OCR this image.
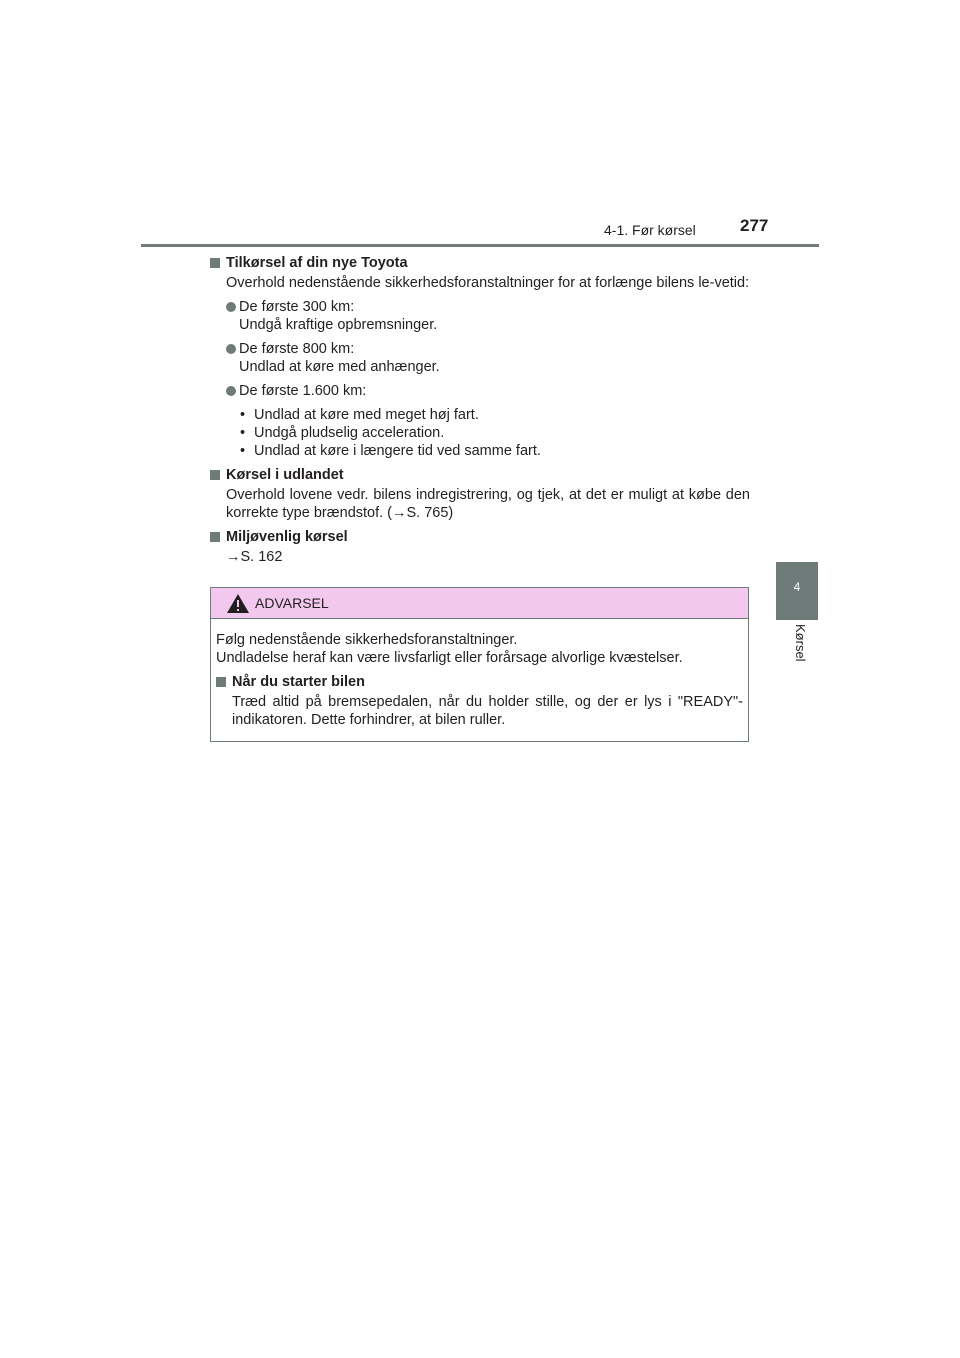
4-1. Før kørsel	277
4
Kørsel
Tilkørsel af din nye Toyota
Overhold nedenstående sikkerhedsforanstaltninger for at forlænge bilens le-vetid:
De første 300 km:
Undgå kraftige opbremsninger.
De første 800 km:
Undlad at køre med anhænger.
De første 1.600 km:
• Undlad at køre med meget høj fart.
• Undgå pludselig acceleration.
• Undlad at køre i længere tid ved samme fart.
Kørsel i udlandet
Overhold lovene vedr. bilens indregistrering, og tjek, at det er muligt at købe den korrekte type brændstof. (→S. 765)
Miljøvenlig kørsel
→S. 162
ADVARSEL
Følg nedenstående sikkerhedsforanstaltninger.
Undladelse heraf kan være livsfarligt eller forårsage alvorlige kvæstelser.
Når du starter bilen
Træd altid på bremsepedalen, når du holder stille, og der er lys i "READY"-indikatoren. Dette forhindrer, at bilen ruller.
